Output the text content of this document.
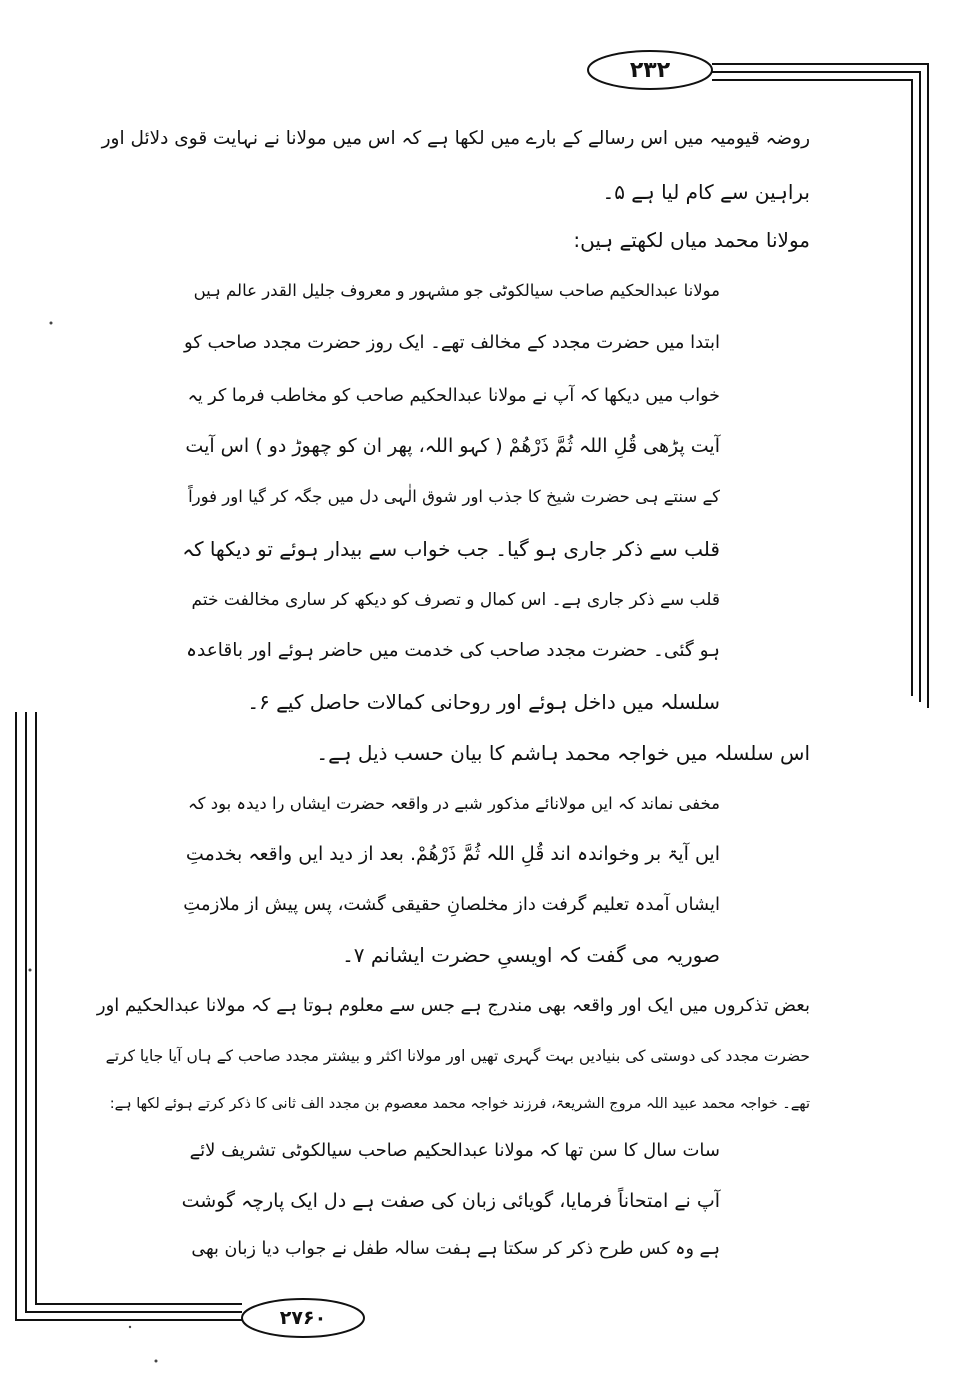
۲۳۲
۲۷۶۰
روضہ قیومیہ میں اس رسالے کے بارے میں لکھا ہے کہ اس میں مولانا نے نہایت قوی دلائل اور
براہین سے کام لیا ہے ۵۔
مولانا محمد میاں لکھتے ہیں:
مولانا عبدالحکیم صاحب سیالکوٹی جو مشہور و معروف جلیل القدر عالم ہیں
ابتدا میں حضرت مجدد کے مخالف تھے۔ ایک روز حضرت مجدد صاحب کو
خواب میں دیکھا کہ آپ نے مولانا عبدالحکیم صاحب کو مخاطب فرما کر یہ
آیت پڑھی قُلِ اللہ ثُمَّ ذَرْھُمْ ( کہو اللہ، پھر ان کو چھوڑ دو ) اس آیت
کے سنتے ہی حضرت شیخ کا جذب اور شوق الٰہی دل میں جگہ کر گیا اور فوراً
قلب سے ذکر جاری ہو گیا۔ جب خواب سے بیدار ہوئے تو دیکھا کہ
قلب سے ذکر جاری ہے۔ اس کمال و تصرف کو دیکھ کر ساری مخالفت ختم
ہو گئی۔ حضرت مجدد صاحب کی خدمت میں حاضر ہوئے اور باقاعدہ
سلسلہ میں داخل ہوئے اور روحانی کمالات حاصل کیے ۶۔
اس سلسلہ میں خواجہ محمد ہاشم کا بیان حسب ذیل ہے۔
مخفی نماند کہ ایں مولانائے مذکور شبے در واقعہ حضرت ایشاں را دیدہ بود کہ
ایں آیۃ بر وخواندہ اند قُلِ اللہ ثُمَّ ذَرْھُمْ. بعد از دید ایں واقعہ بخدمتِ
ایشاں آمدہ تعلیم گرفت داز مخلصانِ حقیقی گشت، پس پیش از ملازمتِ
صوریہ می گفت کہ اویسیِ حضرت ایشانم ۷۔
بعض تذکروں میں ایک اور واقعہ بھی مندرج ہے جس سے معلوم ہوتا ہے کہ مولانا عبدالحکیم اور
حضرت مجدد کی دوستی کی بنیادیں بہت گہری تھیں اور مولانا اکثر و بیشتر مجدد صاحب کے ہاں آیا جایا کرتے
تھے۔ خواجہ محمد عبید اللہ مروج الشریعۃ، فرزند خواجہ محمد معصوم بن مجدد الف ثانی کا ذکر کرتے ہوئے لکھا ہے:
سات سال کا سن تھا کہ مولانا عبدالحکیم صاحب سیالکوٹی تشریف لائے
آپ نے امتحاناً فرمایا، گویائی زبان کی صفت ہے دل ایک پارچہ گوشت
ہے وہ کس طرح ذکر کر سکتا ہے ہفت سالہ طفل نے جواب دیا زبان بھی
